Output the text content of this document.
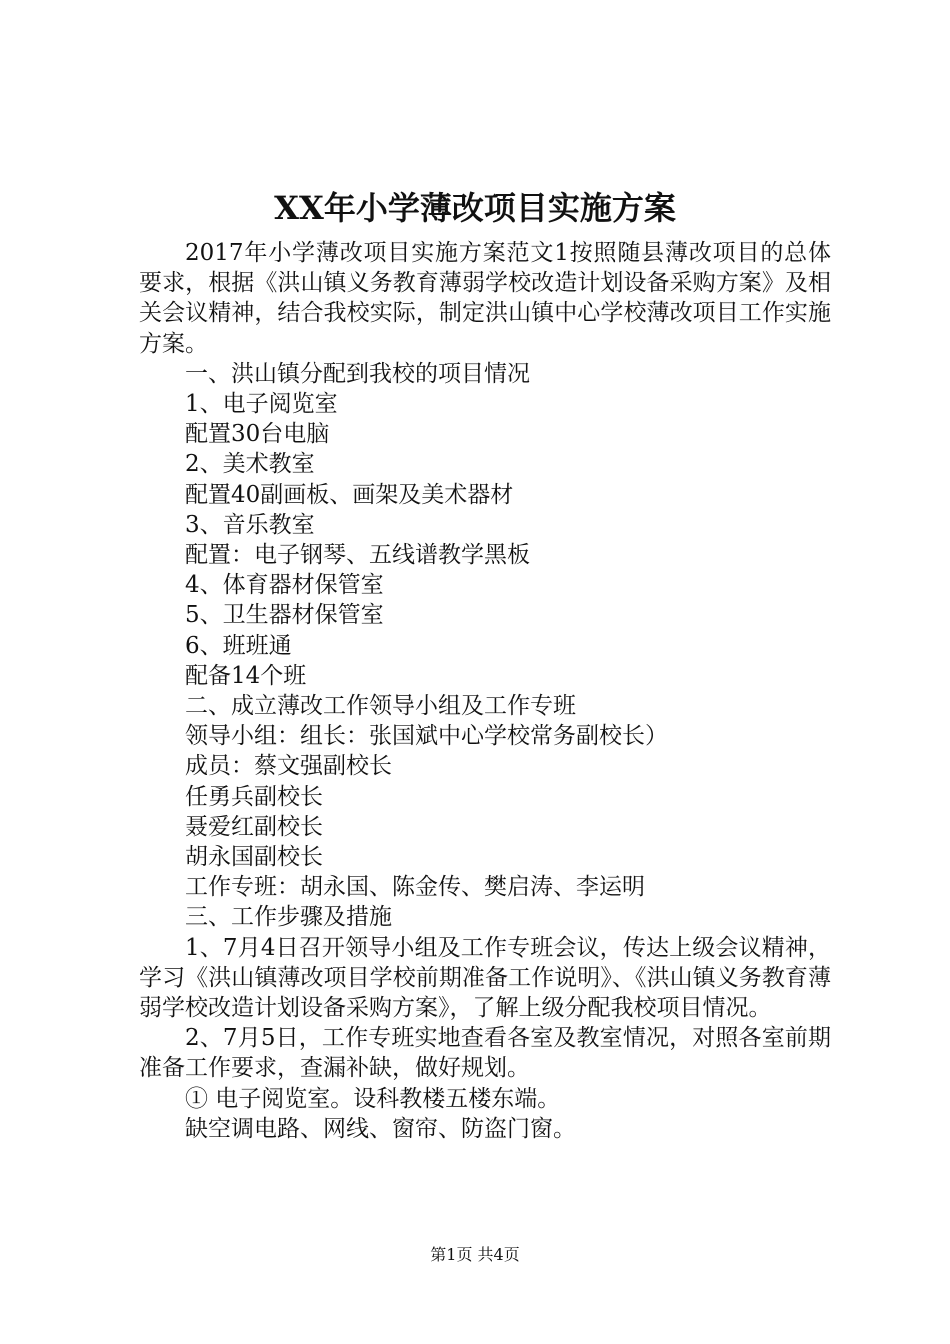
XX年小学薄改项目实施方案

2017年小学薄改项目实施方案范文1按照随县薄改项目的总体要求，根据《洪山镇义务教育薄弱学校改造计划设备采购方案》及相关会议精神，结合我校实际，制定洪山镇中心学校薄改项目工作实施方案。

一、洪山镇分配到我校的项目情况

1、电子阅览室

配置30台电脑

2、美术教室

配置40副画板、画架及美术器材

3、音乐教室

配置：电子钢琴、五线谱教学黑板

4、体育器材保管室

5、卫生器材保管室

6、班班通

配备14个班

二、成立薄改工作领导小组及工作专班

领导小组：组长：张国斌中心学校常务副校长）

成员：蔡文强副校长

任勇兵副校长

聂爱红副校长

胡永国副校长

工作专班：胡永国、陈金传、樊启涛、李运明

三、工作步骤及措施

1、7月4日召开领导小组及工作专班会议，传达上级会议精神，学习《洪山镇薄改项目学校前期准备工作说明》、《洪山镇义务教育薄弱学校改造计划设备采购方案》，了解上级分配我校项目情况。

2、7月5日，工作专班实地查看各室及教室情况，对照各室前期准备工作要求，查漏补缺，做好规划。

① 电子阅览室。设科教楼五楼东端。

缺空调电路、网线、窗帘、防盗门窗。

第1页 共4页
